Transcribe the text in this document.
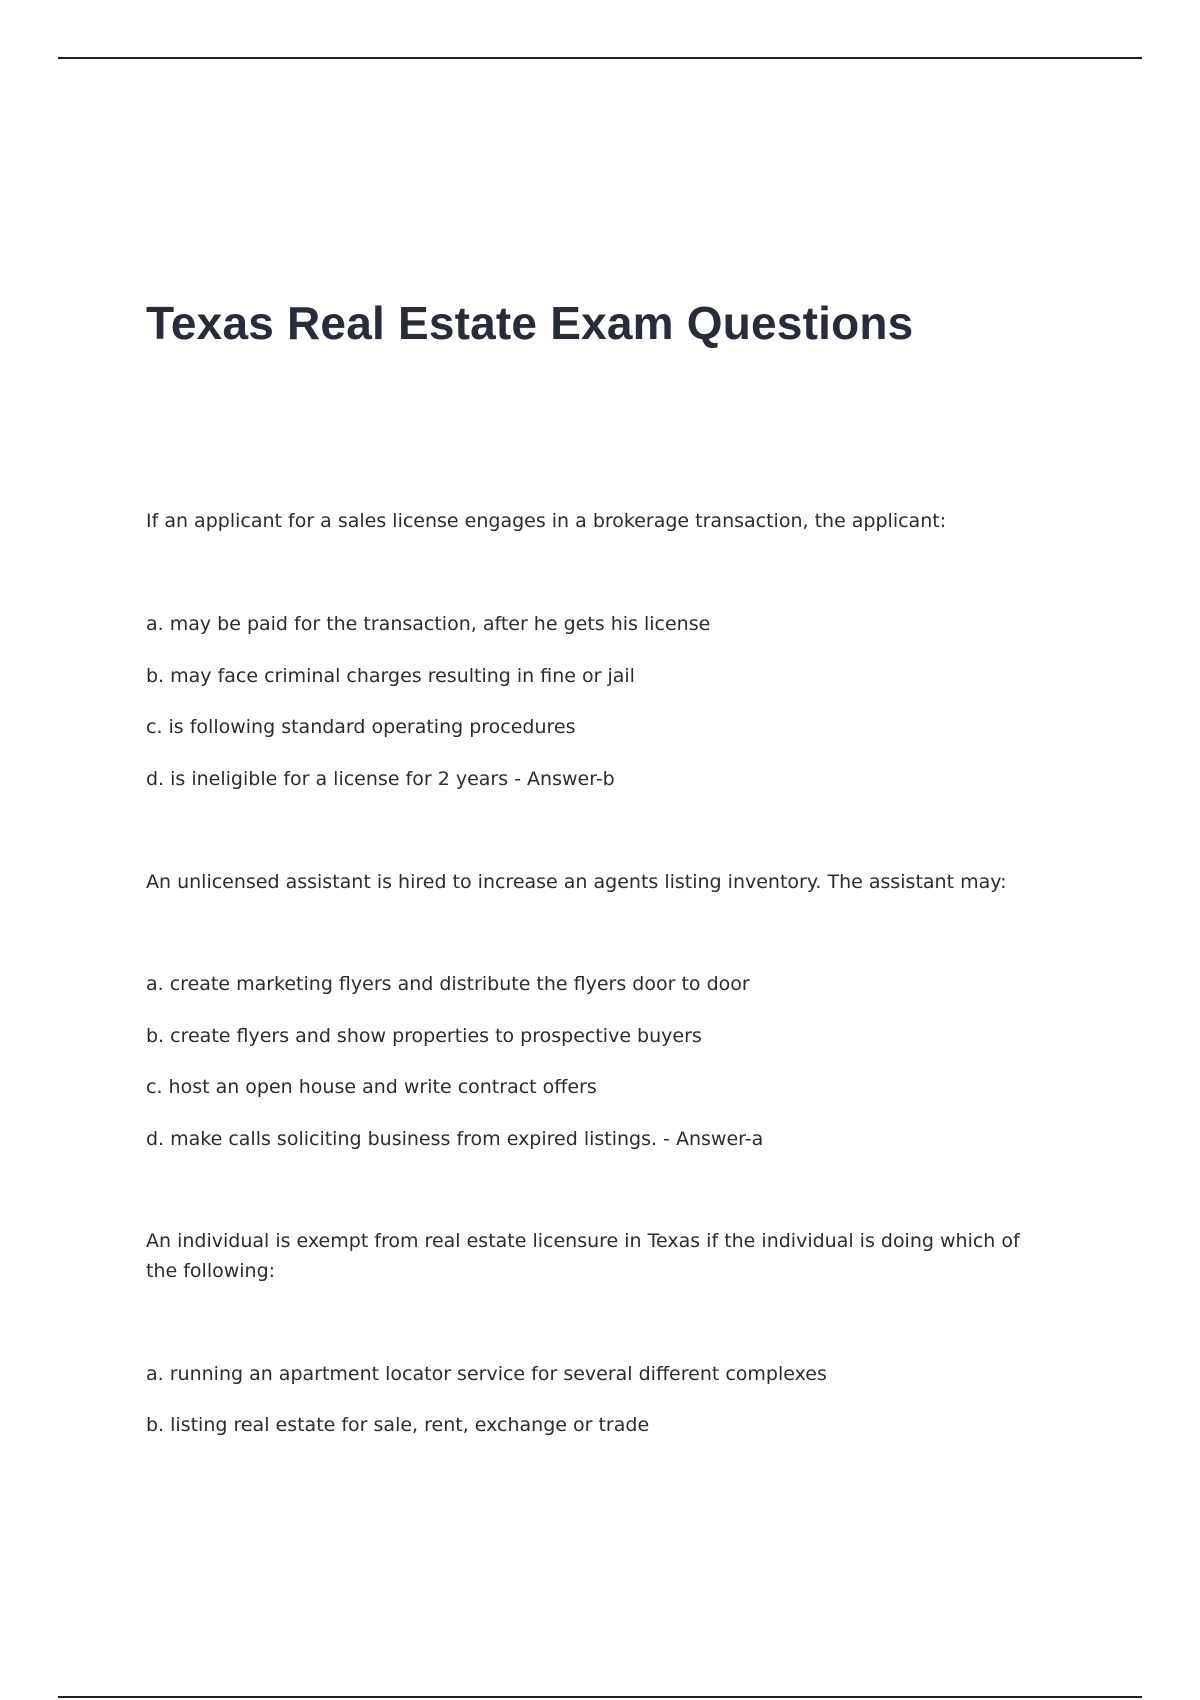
Texas Real Estate Exam Questions

If an applicant for a sales license engages in a brokerage transaction, the applicant:

a. may be paid for the transaction, after he gets his license

b. may face criminal charges resulting in fine or jail

c. is following standard operating procedures

d. is ineligible for a license for 2 years - Answer-b

An unlicensed assistant is hired to increase an agents listing inventory. The assistant may:

a. create marketing flyers and distribute the flyers door to door

b. create flyers and show properties to prospective buyers

c. host an open house and write contract offers

d. make calls soliciting business from expired listings. - Answer-a

An individual is exempt from real estate licensure in Texas if the individual is doing which of the following:

a. running an apartment locator service for several different complexes

b. listing real estate for sale, rent, exchange or trade
